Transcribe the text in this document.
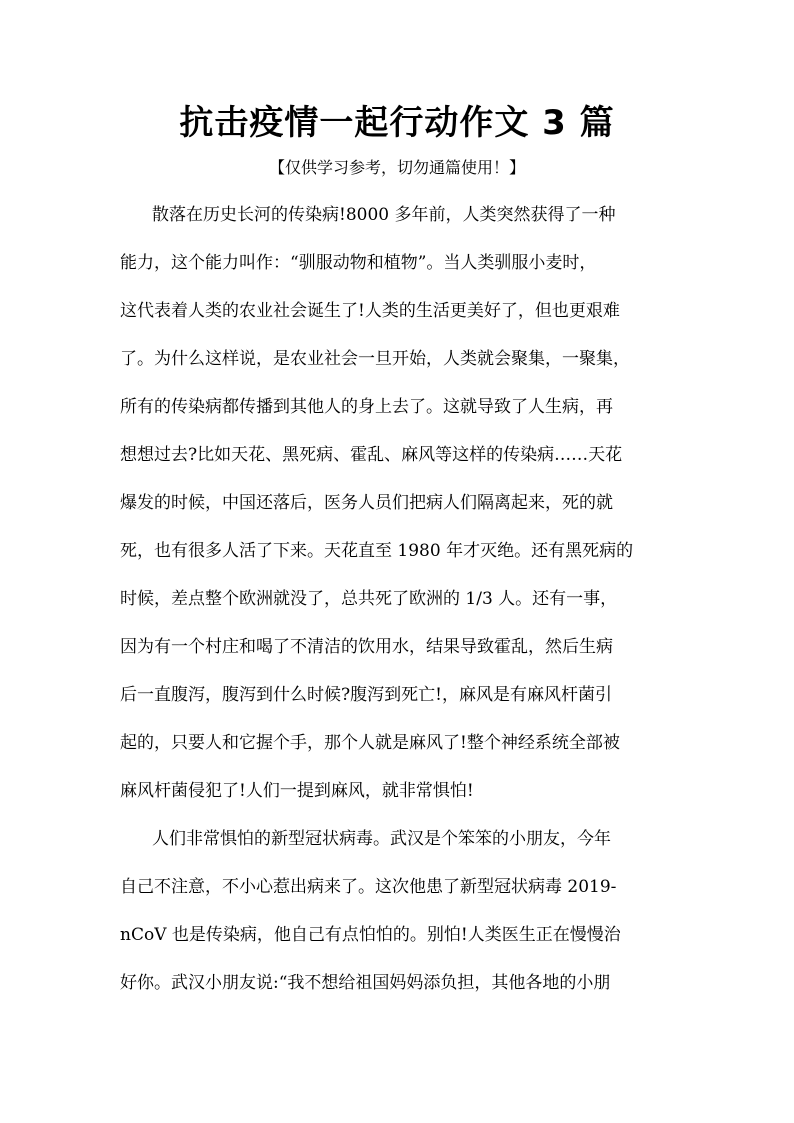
抗击疫情一起行动作文 3 篇
【仅供学习参考，切勿通篇使用！】
散落在历史长河的传染病!8000 多年前，人类突然获得了一种
能力，这个能力叫作：“驯服动物和植物”。当人类驯服小麦时，
这代表着人类的农业社会诞生了!人类的生活更美好了，但也更艰难
了。为什么这样说，是农业社会一旦开始，人类就会聚集，一聚集，
所有的传染病都传播到其他人的身上去了。这就导致了人生病，再
想想过去?比如天花、黑死病、霍乱、麻风等这样的传染病……天花
爆发的时候，中国还落后，医务人员们把病人们隔离起来，死的就
死，也有很多人活了下来。天花直至 1980 年才灭绝。还有黑死病的
时候，差点整个欧洲就没了，总共死了欧洲的 1/3 人。还有一事，
因为有一个村庄和喝了不清洁的饮用水，结果导致霍乱，然后生病
后一直腹泻，腹泻到什么时候?腹泻到死亡!，麻风是有麻风杆菌引
起的，只要人和它握个手，那个人就是麻风了!整个神经系统全部被
麻风杆菌侵犯了!人们一提到麻风，就非常惧怕!
人们非常惧怕的新型冠状病毒。武汉是个笨笨的小朋友，今年
自己不注意，不小心惹出病来了。这次他患了新型冠状病毒 2019-
nCoV 也是传染病，他自己有点怕怕的。别怕!人类医生正在慢慢治
好你。武汉小朋友说:“我不想给祖国妈妈添负担，其他各地的小朋
